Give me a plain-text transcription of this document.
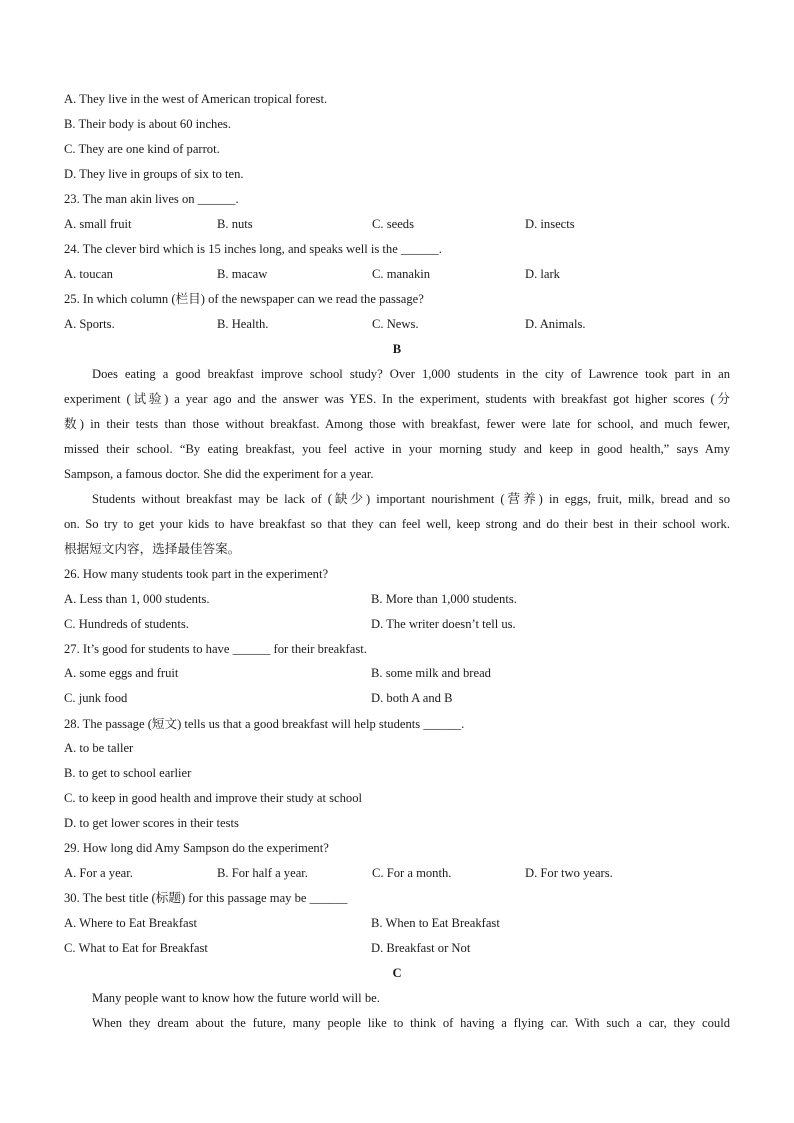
A. They live in the west of American tropical forest.
B. Their body is about 60 inches.
C. They are one kind of parrot.
D. They live in groups of six to ten.
23. The man akin lives on ______.
A. small fruit	B. nuts	C. seeds	D. insects
24. The clever bird which is 15 inches long, and speaks well is the ______.
A. toucan	B. macaw	C. manakin	D. lark
25. In which column (栏目) of the newspaper can we read the passage?
A. Sports.	B. Health.	C. News.	D. Animals.
B
Does eating a good breakfast improve school study? Over 1,000 students in the city of Lawrence took part in an
experiment (试验) a year ago and the answer was YES. In the experiment, students with breakfast got higher scores (分
数) in their tests than those without breakfast. Among those with breakfast, fewer were late for school, and much fewer,
missed their school. “By eating breakfast, you feel active in your morning study and keep in good health,” says Amy
Sampson, a famous doctor. She did the experiment for a year.
Students without breakfast may be lack of (缺少) important nourishment (营养) in eggs, fruit, milk, bread and so
on. So try to get your kids to have breakfast so that they can feel well, keep strong and do their best in their school work.
根据短文内容，选择最佳答案。
26. How many students took part in the experiment?
A. Less than 1, 000 students.	B. More than 1,000 students.
C. Hundreds of students.	D. The writer doesn’t tell us.
27. It’s good for students to have ______ for their breakfast.
A. some eggs and fruit	B. some milk and bread
C. junk food	D. both A and B
28. The passage (短文) tells us that a good breakfast will help students ______.
A. to be taller
B. to get to school earlier
C. to keep in good health and improve their study at school
D. to get lower scores in their tests
29. How long did Amy Sampson do the experiment?
A. For a year.	B. For half a year.	C. For a month.	D. For two years.
30. The best title (标题) for this passage may be ______
A. Where to Eat Breakfast	B. When to Eat Breakfast
C. What to Eat for Breakfast	D. Breakfast or Not
C
Many people want to know how the future world will be.
When they dream about the future, many people like to think of having a flying car. With such a car, they could
